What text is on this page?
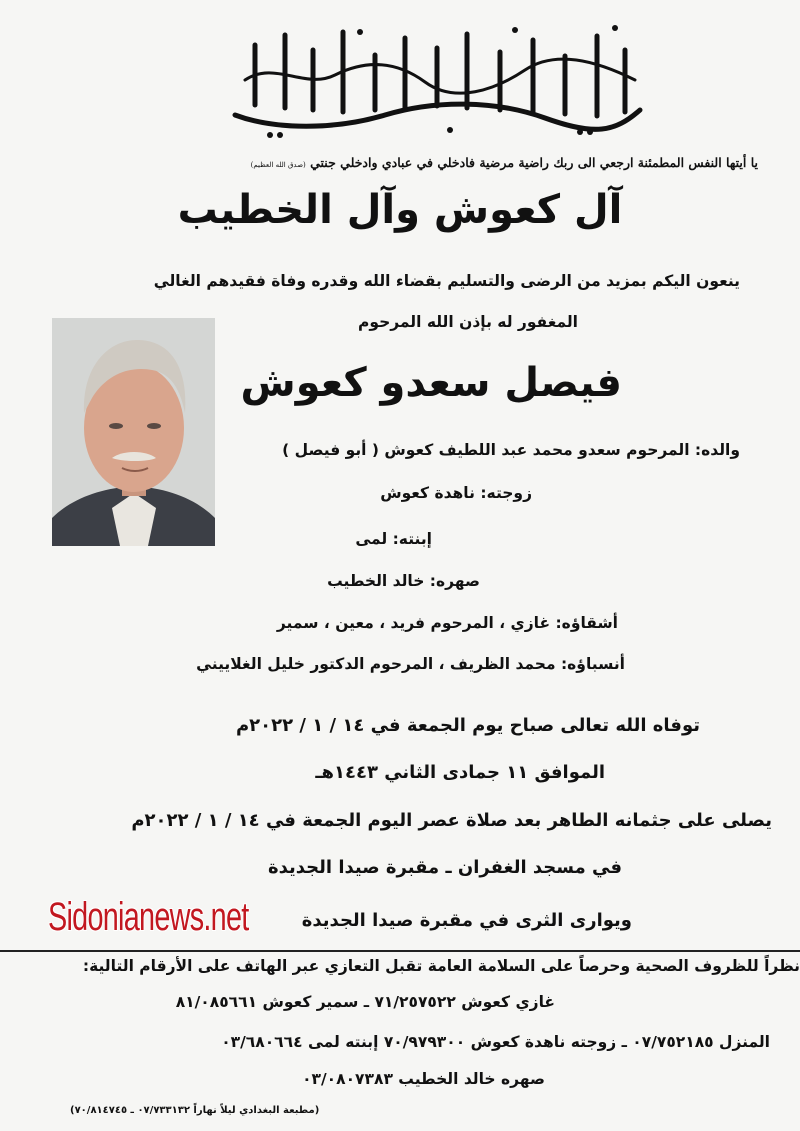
يا أيتها النفس المطمئنة ارجعي الى ربك راضية مرضية فادخلي في عبادي وادخلي جنتي (صدق الله العظيم)
آل كعوش وآل الخطيب
ينعون اليكم بمزيد من الرضى والتسليم بقضاء الله وقدره وفاة فقيدهم الغالي
المغفور له بإذن الله المرحوم
فيصل سعدو كعوش
والده: المرحوم سعدو محمد عبد اللطيف كعوش ( أبو فيصل )
زوجته: ناهدة كعوش
إبنته: لمى
صهره: خالد الخطيب
أشقاؤه: غازي ، المرحوم فريد ، معين ، سمير
أنسباؤه: محمد الظريف ، المرحوم الدكتور خليل الغلاييني
توفاه الله تعالى صباح يوم الجمعة في ١٤ / ١ / ٢٠٢٢م
الموافق ١١ جمادى الثاني ١٤٤٣هـ
يصلى على جثمانه الطاهر بعد صلاة عصر اليوم الجمعة في ١٤ / ١ / ٢٠٢٢م
في مسجد الغفران ـ مقبرة صيدا الجديدة
ويوارى الثرى في مقبرة صيدا الجديدة
Sidonianews.net
نظراً للظروف الصحية وحرصاً على السلامة العامة تقبل التعازي عبر الهاتف على الأرقام التالية:
غازي كعوش ٧١/٢٥٧٥٢٢ ـ سمير كعوش ٨١/٠٨٥٦٦١
المنزل ٠٧/٧٥٢١٨٥ ـ زوجته ناهدة كعوش ٧٠/٩٧٩٣٠٠ إبنته لمى ٠٣/٦٨٠٦٦٤
صهره خالد الخطيب ٠٣/٠٨٠٧٣٨٣
(مطبعة البغدادي ليلاً نهاراً ٠٧/٧٣٣١٣٢ ـ ٧٠/٨١٤٧٤٥)
